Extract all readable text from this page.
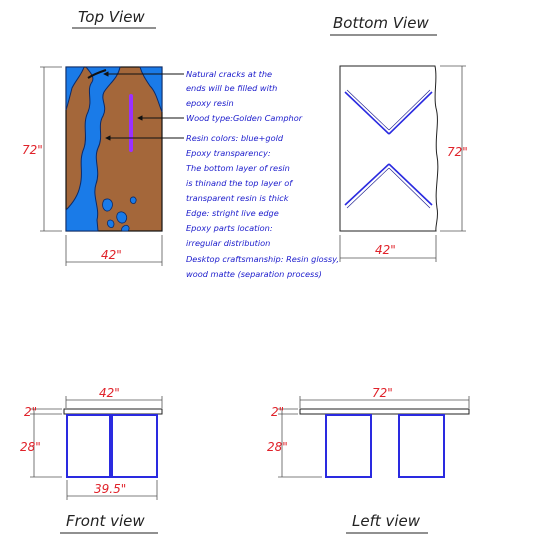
Top View
72"
42"
Natural cracks at the
ends will be filled with
epoxy resin
Wood type:Golden Camphor
Resin colors: blue+gold
Epoxy transparency:
The bottom layer of resin
is thinand the top layer of
transparent resin is thick
Edge: stright live edge
Epoxy parts location:
irregular distribution
Desktop craftsmanship: Resin glossy,
wood matte (separation process)
Bottom View
72"
42"
42"
2"
28"
39.5"
Front view
72"
2"
28"
Left view
